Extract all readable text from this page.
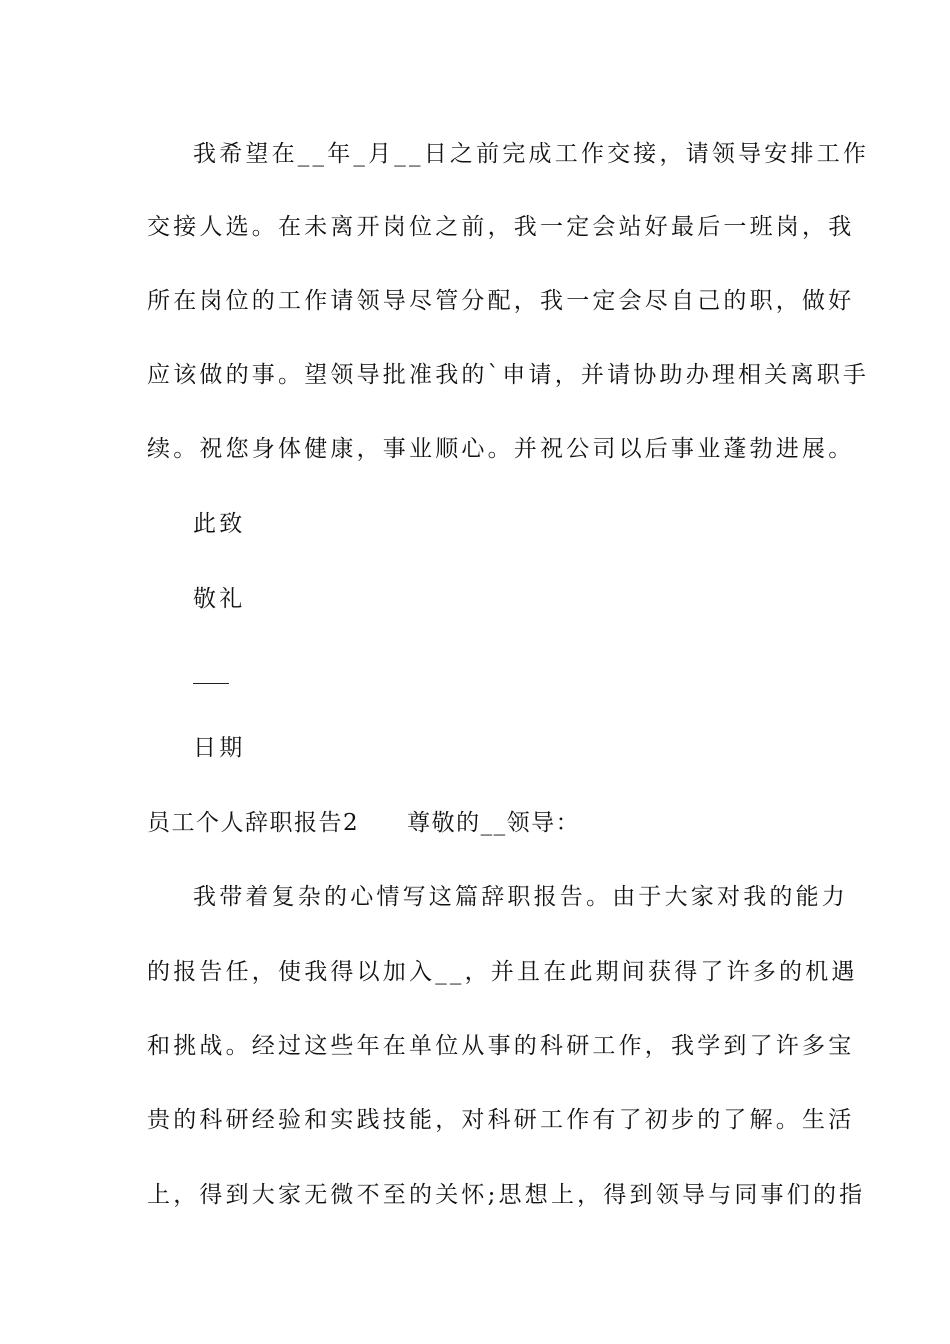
我希望在__年_月__日之前完成工作交接，请领导安排工作
交接人选。在未离开岗位之前，我一定会站好最后一班岗，我
所在岗位的工作请领导尽管分配，我一定会尽自己的职，做好
应该做的事。望领导批准我的`申请，并请协助办理相关离职手
续。祝您身体健康，事业顺心。并祝公司以后事业蓬勃进展。
此致
敬礼
日期
员工个人辞职报告2 尊敬的__领导：
我带着复杂的心情写这篇辞职报告。由于大家对我的能力
的报告任，使我得以加入__，并且在此期间获得了许多的机遇
和挑战。经过这些年在单位从事的科研工作，我学到了许多宝
贵的科研经验和实践技能，对科研工作有了初步的了解。生活
上，得到大家无微不至的关怀;思想上，得到领导与同事们的指
